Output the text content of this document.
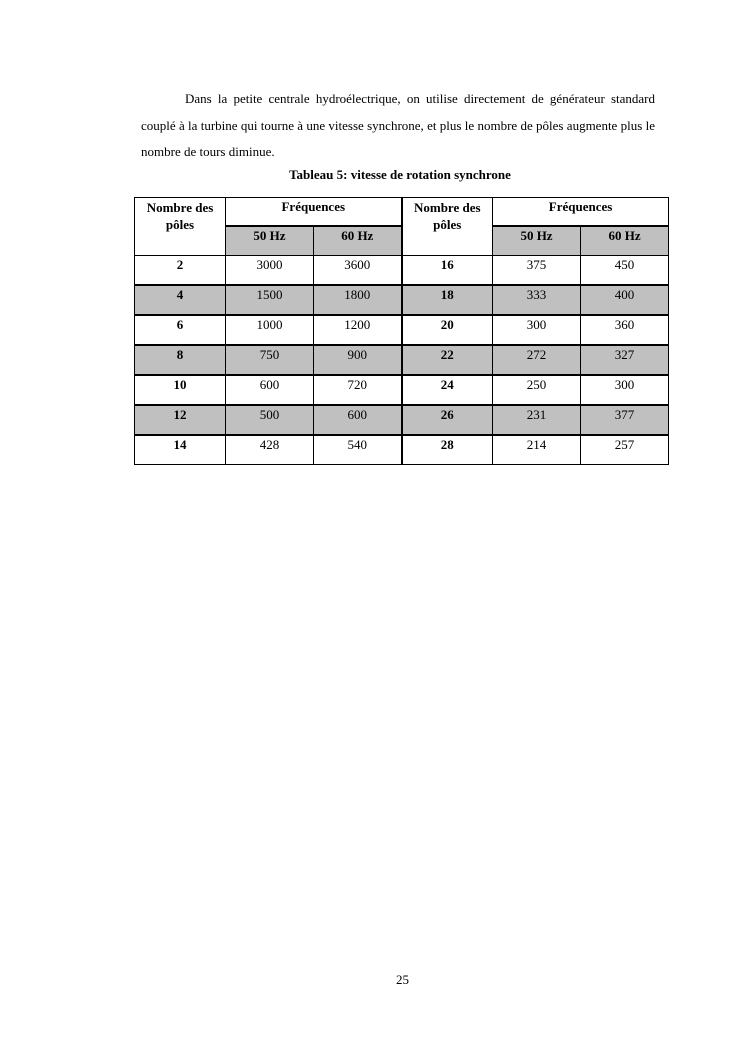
Dans la petite centrale hydroélectrique, on utilise directement de générateur standard couplé à la turbine qui tourne à une vitesse synchrone, et plus le nombre de pôles augmente plus le nombre de tours diminue.

Tableau 5: vitesse de rotation synchrone
Nombre des pôles	Fréquences		Nombre des pôles	Fréquences	
	50 Hz	60 Hz		50 Hz	60 Hz
2	3000	3600	16	375	450
4	1500	1800	18	333	400
6	1000	1200	20	300	360
8	750	900	22	272	327
10	600	720	24	250	300
12	500	600	26	231	377
14	428	540	28	214	257
25
